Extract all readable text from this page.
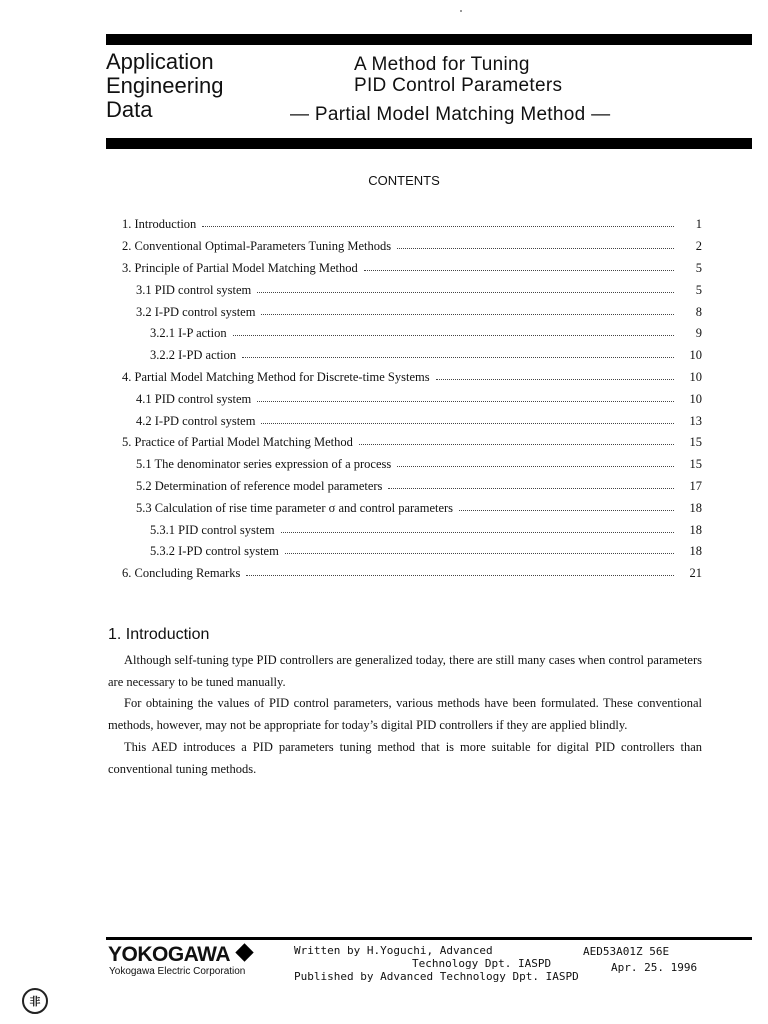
Application
Engineering
Data
A Method for Tuning
PID Control Parameters
— Partial Model Matching Method —
CONTENTS
1. Introduction	1
2. Conventional Optimal-Parameters Tuning Methods	2
3. Principle of Partial Model Matching Method	5
3.1 PID control system	5
3.2 I-PD control system	8
3.2.1 I-P action	9
3.2.2 I-PD action	10
4. Partial Model Matching Method for Discrete-time Systems	10
4.1 PID control system	10
4.2 I-PD control system	13
5. Practice of Partial Model Matching Method	15
5.1 The denominator series expression of a process	15
5.2 Determination of reference model parameters	17
5.3 Calculation of rise time parameter σ and control parameters	18
5.3.1 PID control system	18
5.3.2 I-PD control system	18
6. Concluding Remarks	21
1. Introduction

Although self-tuning type PID controllers are generalized today, there are still many cases when control parameters are necessary to be tuned manually.

For obtaining the values of PID control parameters, various methods have been formulated. These conventional methods, however, may not be appropriate for today’s digital PID controllers if they are applied blindly.

This AED introduces a PID parameters tuning method that is more suitable for digital PID controllers than conventional tuning methods.

YOKOGAWA
Yokogawa Electric Corporation
Written by H.Yoguchi, Advanced
Technology Dpt. IASPD
Published by Advanced Technology Dpt. IASPD
AED53A01Z 56E
Apr. 25. 1996
非
